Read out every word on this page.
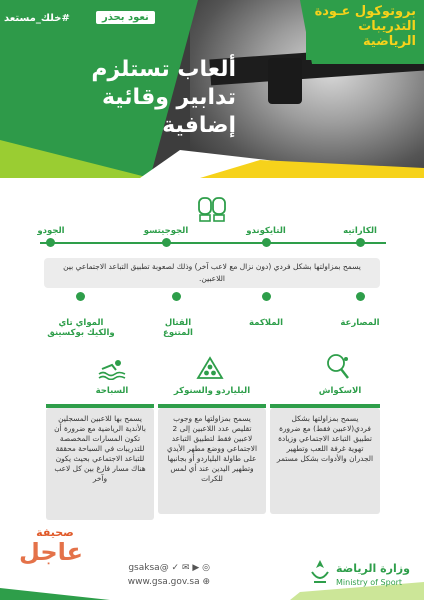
ألعاب تستلزم
تدابير وقائية
إضافية
بروتوكول عـودة التدريبات الرياضية
نعود بحذر
#خلك_مستعد
الكاراتيه
التايكوندو
الجوجيتسو
الجودو
يسمح بمزاولتها بشكل فردي (دون نزال مع لاعب آخر) وذلك لصعوبة تطبيق التباعد الاجتماعي بين اللاعبين.
المصارعة
الملاكمة
القتال المتنوع
المواي تاي والكيك بوكسينق
الاسكواش
يسمح بمزاولتها بشكل فردي(لاعبين فقط) مع ضرورة تطبيق التباعد الاجتماعي وزيادة تهوية غرفة اللعب وتطهير الجدران والأدوات بشكل مستمر
البلياردو والسنوكر
يسمح بمزاولتها مع وجوب تقليص عدد اللاعبين إلى 2 لاعبين فقط لتطبيق التباعد الاجتماعي ووضع مطهر الأيدي على طاولة البلياردو أو بجانبها وتطهير اليدين عند أي لمس للكرات
السباحة
يسمح بها للاعبين المسجلين بالأندية الرياضية مع ضرورة أن تكون المسارات المخصصة للتدريبات في السباحة محققة للتباعد الاجتماعي بحيث يكون هناك مسار فارغ بين كل لاعب وآخر
◎ ▶ ✉ ✓ @gsaksa
⊕ www.gsa.gov.sa
وزارة الرياضة
Ministry of Sport
صحيفة
عاجل
